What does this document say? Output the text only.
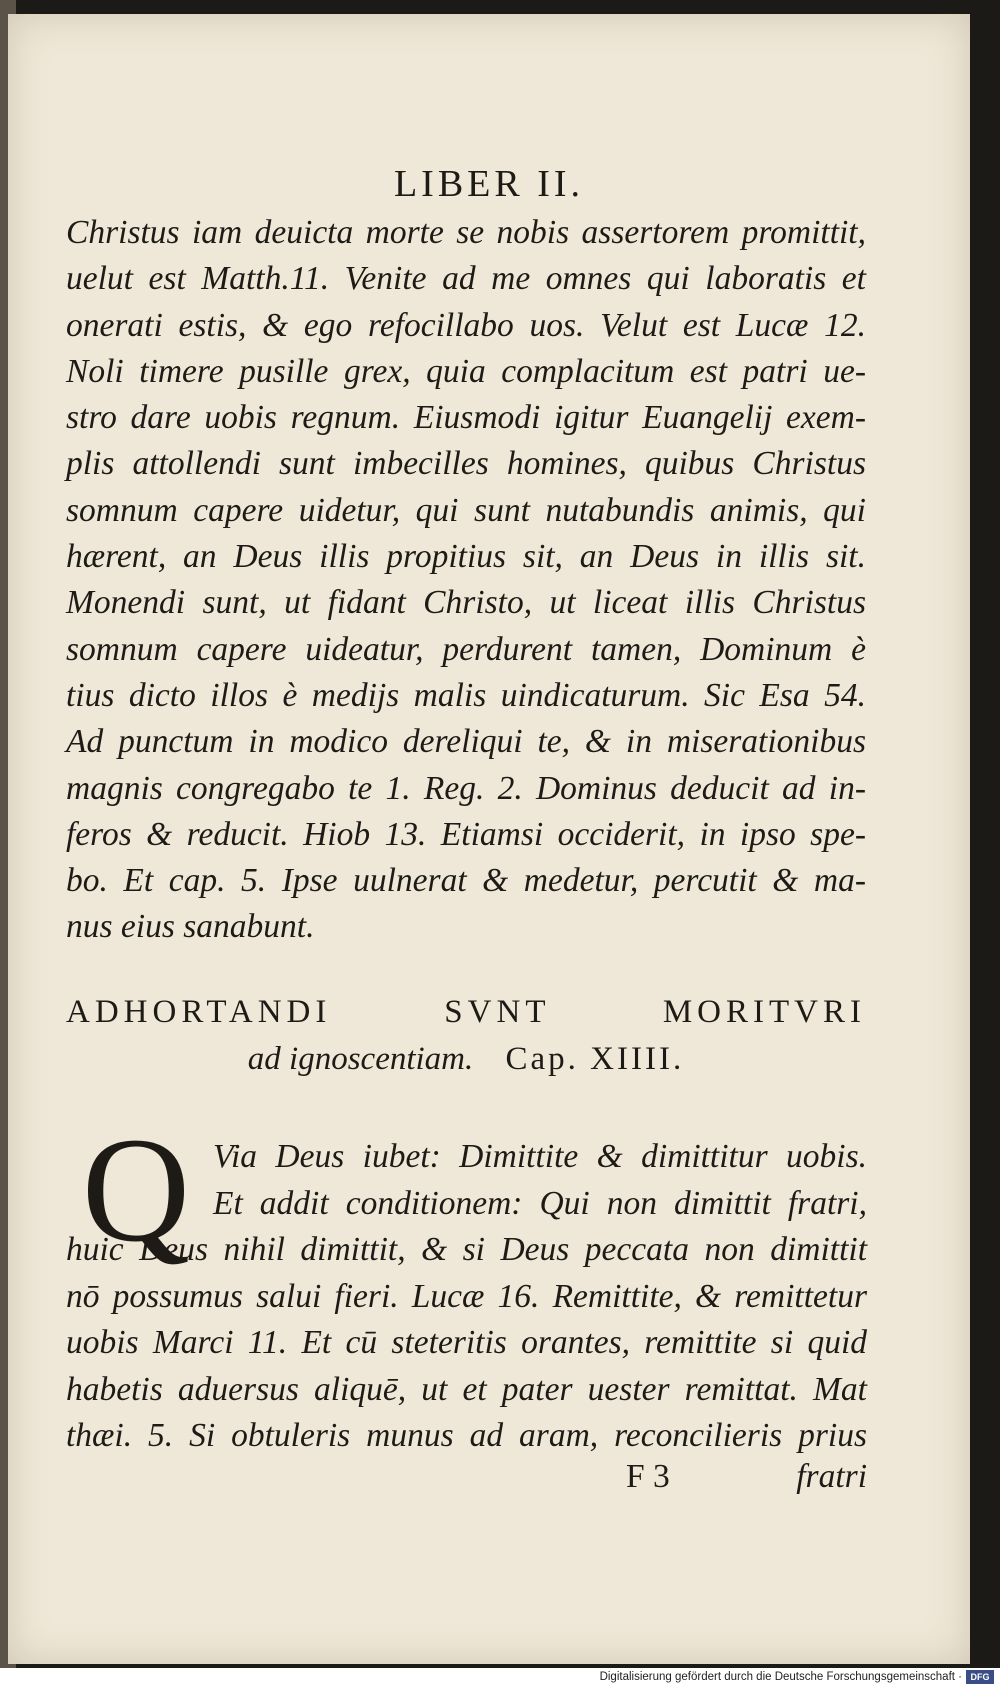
LIBER II.
Christus iam deuicta morte se nobis assertorem promittit,
uelut est Matth.11. Venite ad me omnes qui laboratis et
onerati estis, & ego refocillabo uos. Velut est Lucæ 12.
Noli timere pusille grex, quia complacitum est patri ue-
stro dare uobis regnum. Eiusmodi igitur Euangelij exem-
plis attollendi sunt imbecilles homines, quibus Christus
somnum capere uidetur, qui sunt nutabundis animis, qui
hærent, an Deus illis propitius sit, an Deus in illis sit.
Monendi sunt, ut fidant Christo, ut liceat illis Christus
somnum capere uideatur, perdurent tamen, Dominum è
tius dicto illos è medijs malis uindicaturum. Sic Esa 54.
Ad punctum in modico dereliqui te, & in miserationibus
magnis congregabo te 1. Reg. 2. Dominus deducit ad in-
feros & reducit. Hiob 13. Etiamsi occiderit, in ipso spe-
bo. Et cap. 5. Ipse uulnerat & medetur, percutit & ma-
nus eius sanabunt.
ADHORTANDI SVNT MORITVRI
ad ignoscentiam. Cap. XIIII.
Q Via Deus iubet: Dimittite & dimittitur uobis.
Et addit conditionem: Qui non dimittit fratri,
huic Deus nihil dimittit, & si Deus peccata non dimittit
nō possumus salui fieri. Lucæ 16. Remittite, & remittetur
uobis Marci 11. Et cū steteritis orantes, remittite si quid
habetis aduersus aliquē, ut et pater uester remittat. Mat
thæi. 5. Si obtuleris munus ad aram, reconcilieris prius
F 3	fratri
Digitalisierung gefördert durch die Deutsche Forschungsgemeinschaft · DFG
